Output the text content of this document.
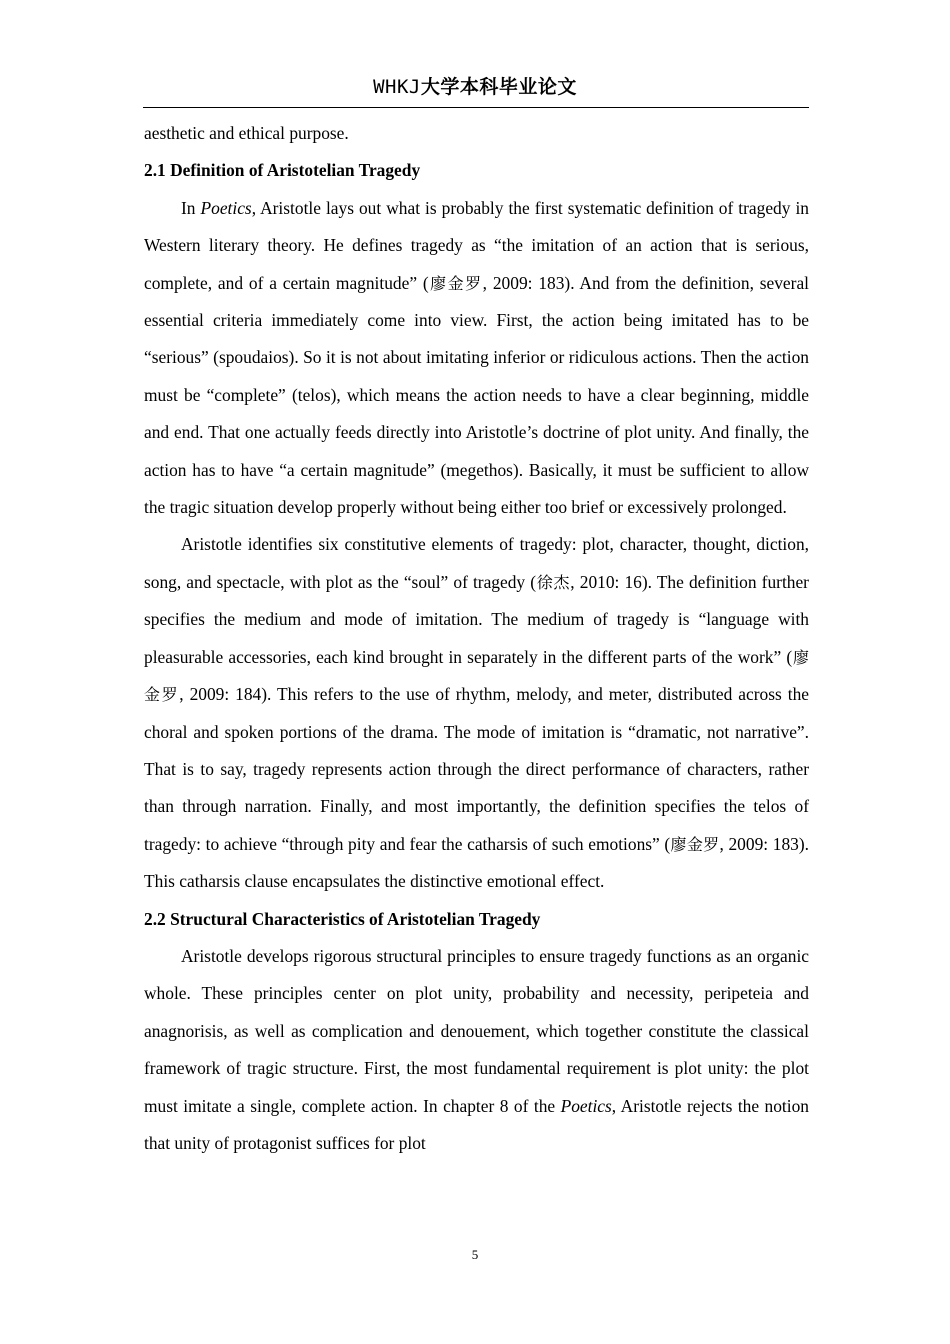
WHKJ大学本科毕业论文

aesthetic and ethical purpose.

2.1 Definition of Aristotelian Tragedy

In Poetics, Aristotle lays out what is probably the first systematic definition of tragedy in Western literary theory. He defines tragedy as “the imitation of an action that is serious, complete, and of a certain magnitude” (廖金罗, 2009: 183). And from the definition, several essential criteria immediately come into view. First, the action being imitated has to be “serious” (spoudaios). So it is not about imitating inferior or ridiculous actions. Then the action must be “complete” (telos), which means the action needs to have a clear beginning, middle and end. That one actually feeds directly into Aristotle’s doctrine of plot unity. And finally, the action has to have “a certain magnitude” (megethos). Basically, it must be sufficient to allow the tragic situation develop properly without being either too brief or excessively prolonged.

Aristotle identifies six constitutive elements of tragedy: plot, character, thought, diction, song, and spectacle, with plot as the “soul” of tragedy (徐杰, 2010: 16). The definition further specifies the medium and mode of imitation. The medium of tragedy is “language with pleasurable accessories, each kind brought in separately in the different parts of the work” (廖金罗, 2009: 184). This refers to the use of rhythm, melody, and meter, distributed across the choral and spoken portions of the drama. The mode of imitation is “dramatic, not narrative”. That is to say, tragedy represents action through the direct performance of characters, rather than through narration. Finally, and most importantly, the definition specifies the telos of tragedy: to achieve “through pity and fear the catharsis of such emotions” (廖金罗, 2009: 183). This catharsis clause encapsulates the distinctive emotional effect.

2.2 Structural Characteristics of Aristotelian Tragedy

Aristotle develops rigorous structural principles to ensure tragedy functions as an organic whole. These principles center on plot unity, probability and necessity, peripeteia and anagnorisis, as well as complication and denouement, which together constitute the classical framework of tragic structure. First, the most fundamental requirement is plot unity: the plot must imitate a single, complete action. In chapter 8 of the Poetics, Aristotle rejects the notion that unity of protagonist suffices for plot

5
